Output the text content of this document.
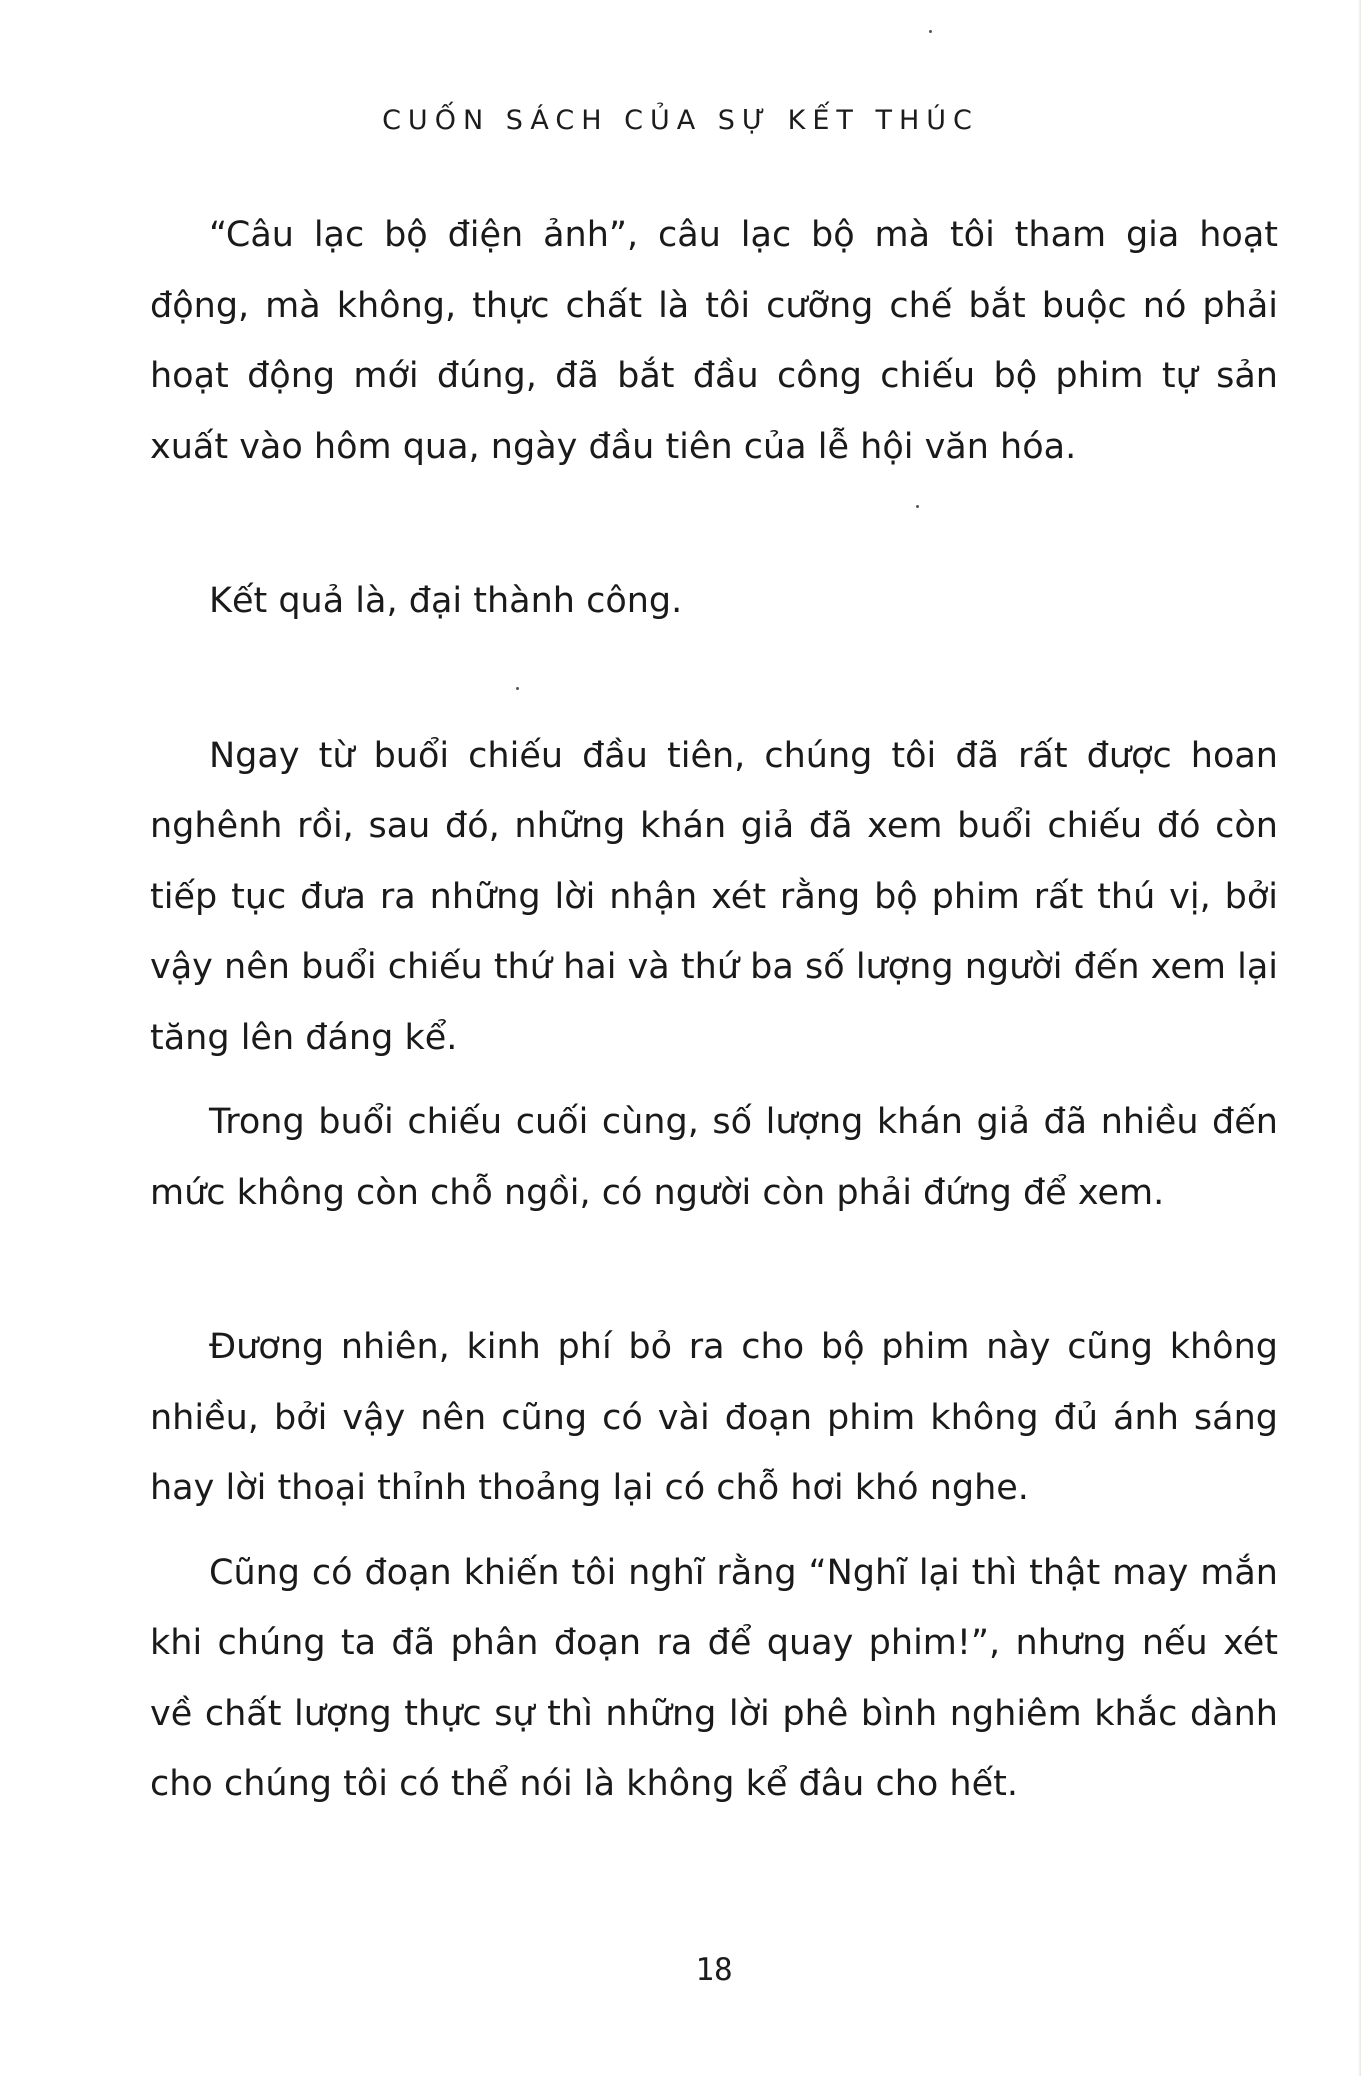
CUỐN SÁCH CỦA SỰ KẾT THÚC

“Câu lạc bộ điện ảnh”, câu lạc bộ mà tôi tham gia hoạt động, mà không, thực chất là tôi cưỡng chế bắt buộc nó phải hoạt động mới đúng, đã bắt đầu công chiếu bộ phim tự sản xuất vào hôm qua, ngày đầu tiên của lễ hội văn hóa.

Kết quả là, đại thành công.

Ngay từ buổi chiếu đầu tiên, chúng tôi đã rất được hoan nghênh rồi, sau đó, những khán giả đã xem buổi chiếu đó còn tiếp tục đưa ra những lời nhận xét rằng bộ phim rất thú vị, bởi vậy nên buổi chiếu thứ hai và thứ ba số lượng người đến xem lại tăng lên đáng kể.

Trong buổi chiếu cuối cùng, số lượng khán giả đã nhiều đến mức không còn chỗ ngồi, có người còn phải đứng để xem.

Đương nhiên, kinh phí bỏ ra cho bộ phim này cũng không nhiều, bởi vậy nên cũng có vài đoạn phim không đủ ánh sáng hay lời thoại thỉnh thoảng lại có chỗ hơi khó nghe.

Cũng có đoạn khiến tôi nghĩ rằng “Nghĩ lại thì thật may mắn khi chúng ta đã phân đoạn ra để quay phim!”, nhưng nếu xét về chất lượng thực sự thì những lời phê bình nghiêm khắc dành cho chúng tôi có thể nói là không kể đâu cho hết.

18
